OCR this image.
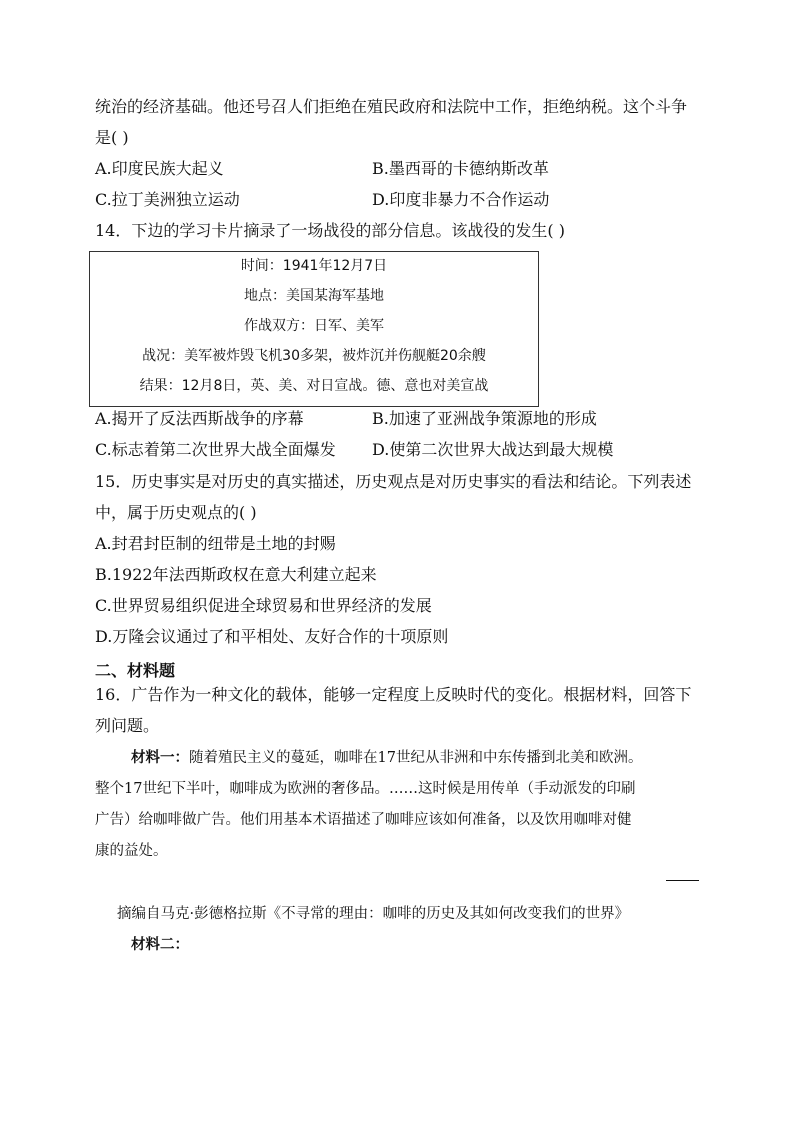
统治的经济基础。他还号召人们拒绝在殖民政府和法院中工作，拒绝纳税。这个斗争
是( )
A.印度民族大起义	B.墨西哥的卡德纳斯改革
C.拉丁美洲独立运动	D.印度非暴力不合作运动
14．下边的学习卡片摘录了一场战役的部分信息。该战役的发生( )
时间：1941年12月7日
地点：美国某海军基地
作战双方：日军、美军
战况：美军被炸毁飞机30多架，被炸沉并伤舰艇20余艘
结果：12月8日，英、美、对日宣战。德、意也对美宣战
A.揭开了反法西斯战争的序幕	B.加速了亚洲战争策源地的形成
C.标志着第二次世界大战全面爆发 D.使第二次世界大战达到最大规模
15．历史事实是对历史的真实描述，历史观点是对历史事实的看法和结论。下列表述
中，属于历史观点的( )
A.封君封臣制的纽带是土地的封赐
B.1922年法西斯政权在意大利建立起来
C.世界贸易组织促进全球贸易和世界经济的发展
D.万隆会议通过了和平相处、友好合作的十项原则
二、材料题
16．广告作为一种文化的载体，能够一定程度上反映时代的变化。根据材料，回答下
列问题。
材料一：随着殖民主义的蔓延，咖啡在17世纪从非洲和中东传播到北美和欧洲。
整个17世纪下半叶，咖啡成为欧洲的奢侈品。……这时候是用传单（手动派发的印刷
广告）给咖啡做广告。他们用基本术语描述了咖啡应该如何准备，以及饮用咖啡对健
康的益处。
摘编自马克·彭德格拉斯《不寻常的理由：咖啡的历史及其如何改变我们的世界》
材料二：
